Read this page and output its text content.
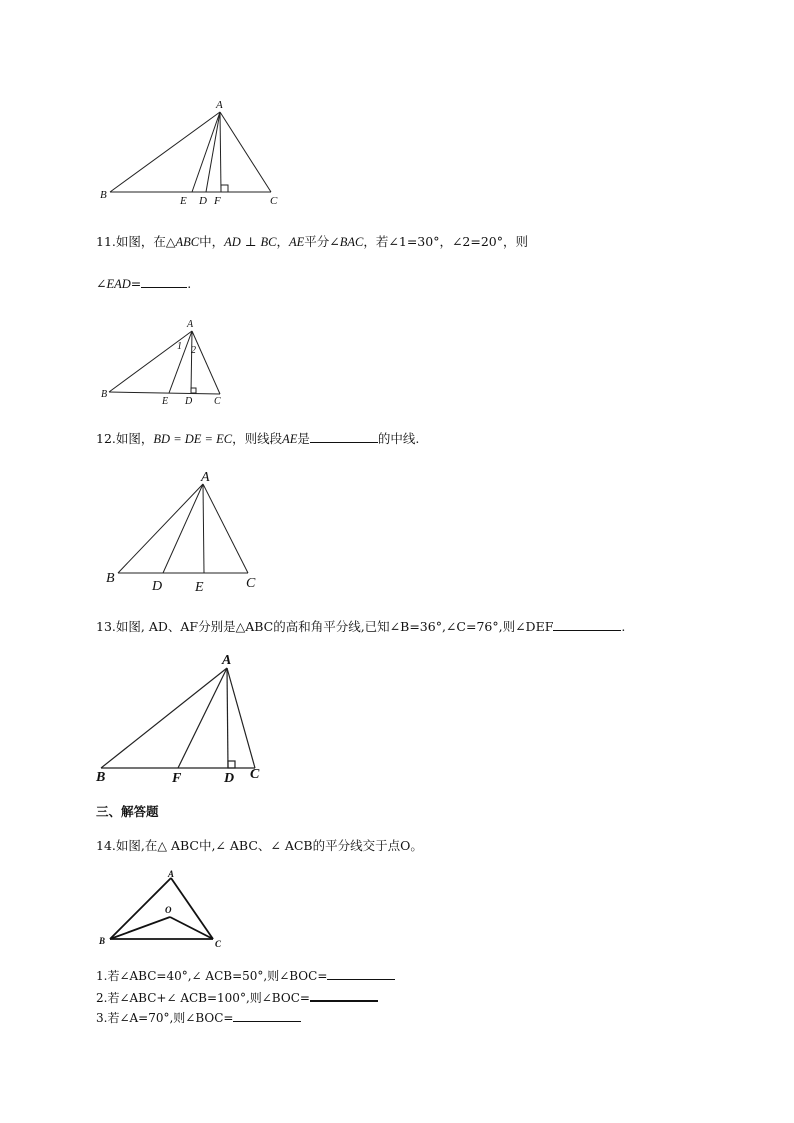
A
B	E D F	C
11.如图，在△ABC中，AD ⊥ BC，AE平分∠BAC，若∠1=30°，∠2=20°，则
∠EAD=	.
A
1 2
B
E D C
12.如图，BD = DE = EC，则线段AE是	的中线.
A
B
D E	C
13.如图, AD、AF分别是△ABC的高和角平分线,已知∠B=36°,∠C=76°,则∠DEF	.
A
B	F	D C
三、解答题
14.如图,在△ ABC中,∠ ABC、∠ ACB的平分线交于点O。
A
O
B	C
1.若∠ABC=40°,∠ ACB=50°,则∠BOC=
2.若∠ABC+∠ ACB=100°,则∠BOC=
3.若∠A=70°,则∠BOC=
